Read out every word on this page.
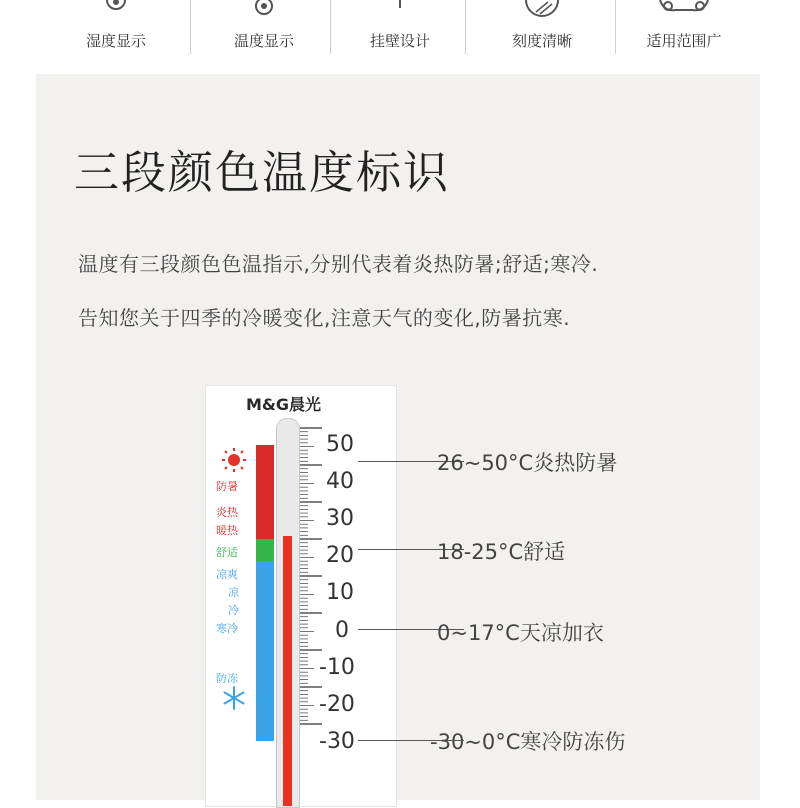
湿度显示	温度显示	挂壁设计	刻度清晰	适用范围广
三段颜色温度标识
温度有三段颜色色温指示,分别代表着炎热防暑;舒适;寒冷.
告知您关于四季的冷暖变化,注意天气的变化,防暑抗寒.
M&G晨光
防暑
炎热
暖热
舒适
凉爽
凉
冷
寒冷
防冻
50
40
30
20
10
0
-10
-20
-30
26~50°C炎热防暑
18-25°C舒适
0~17°C天凉加衣
-30~0°C寒冷防冻伤
